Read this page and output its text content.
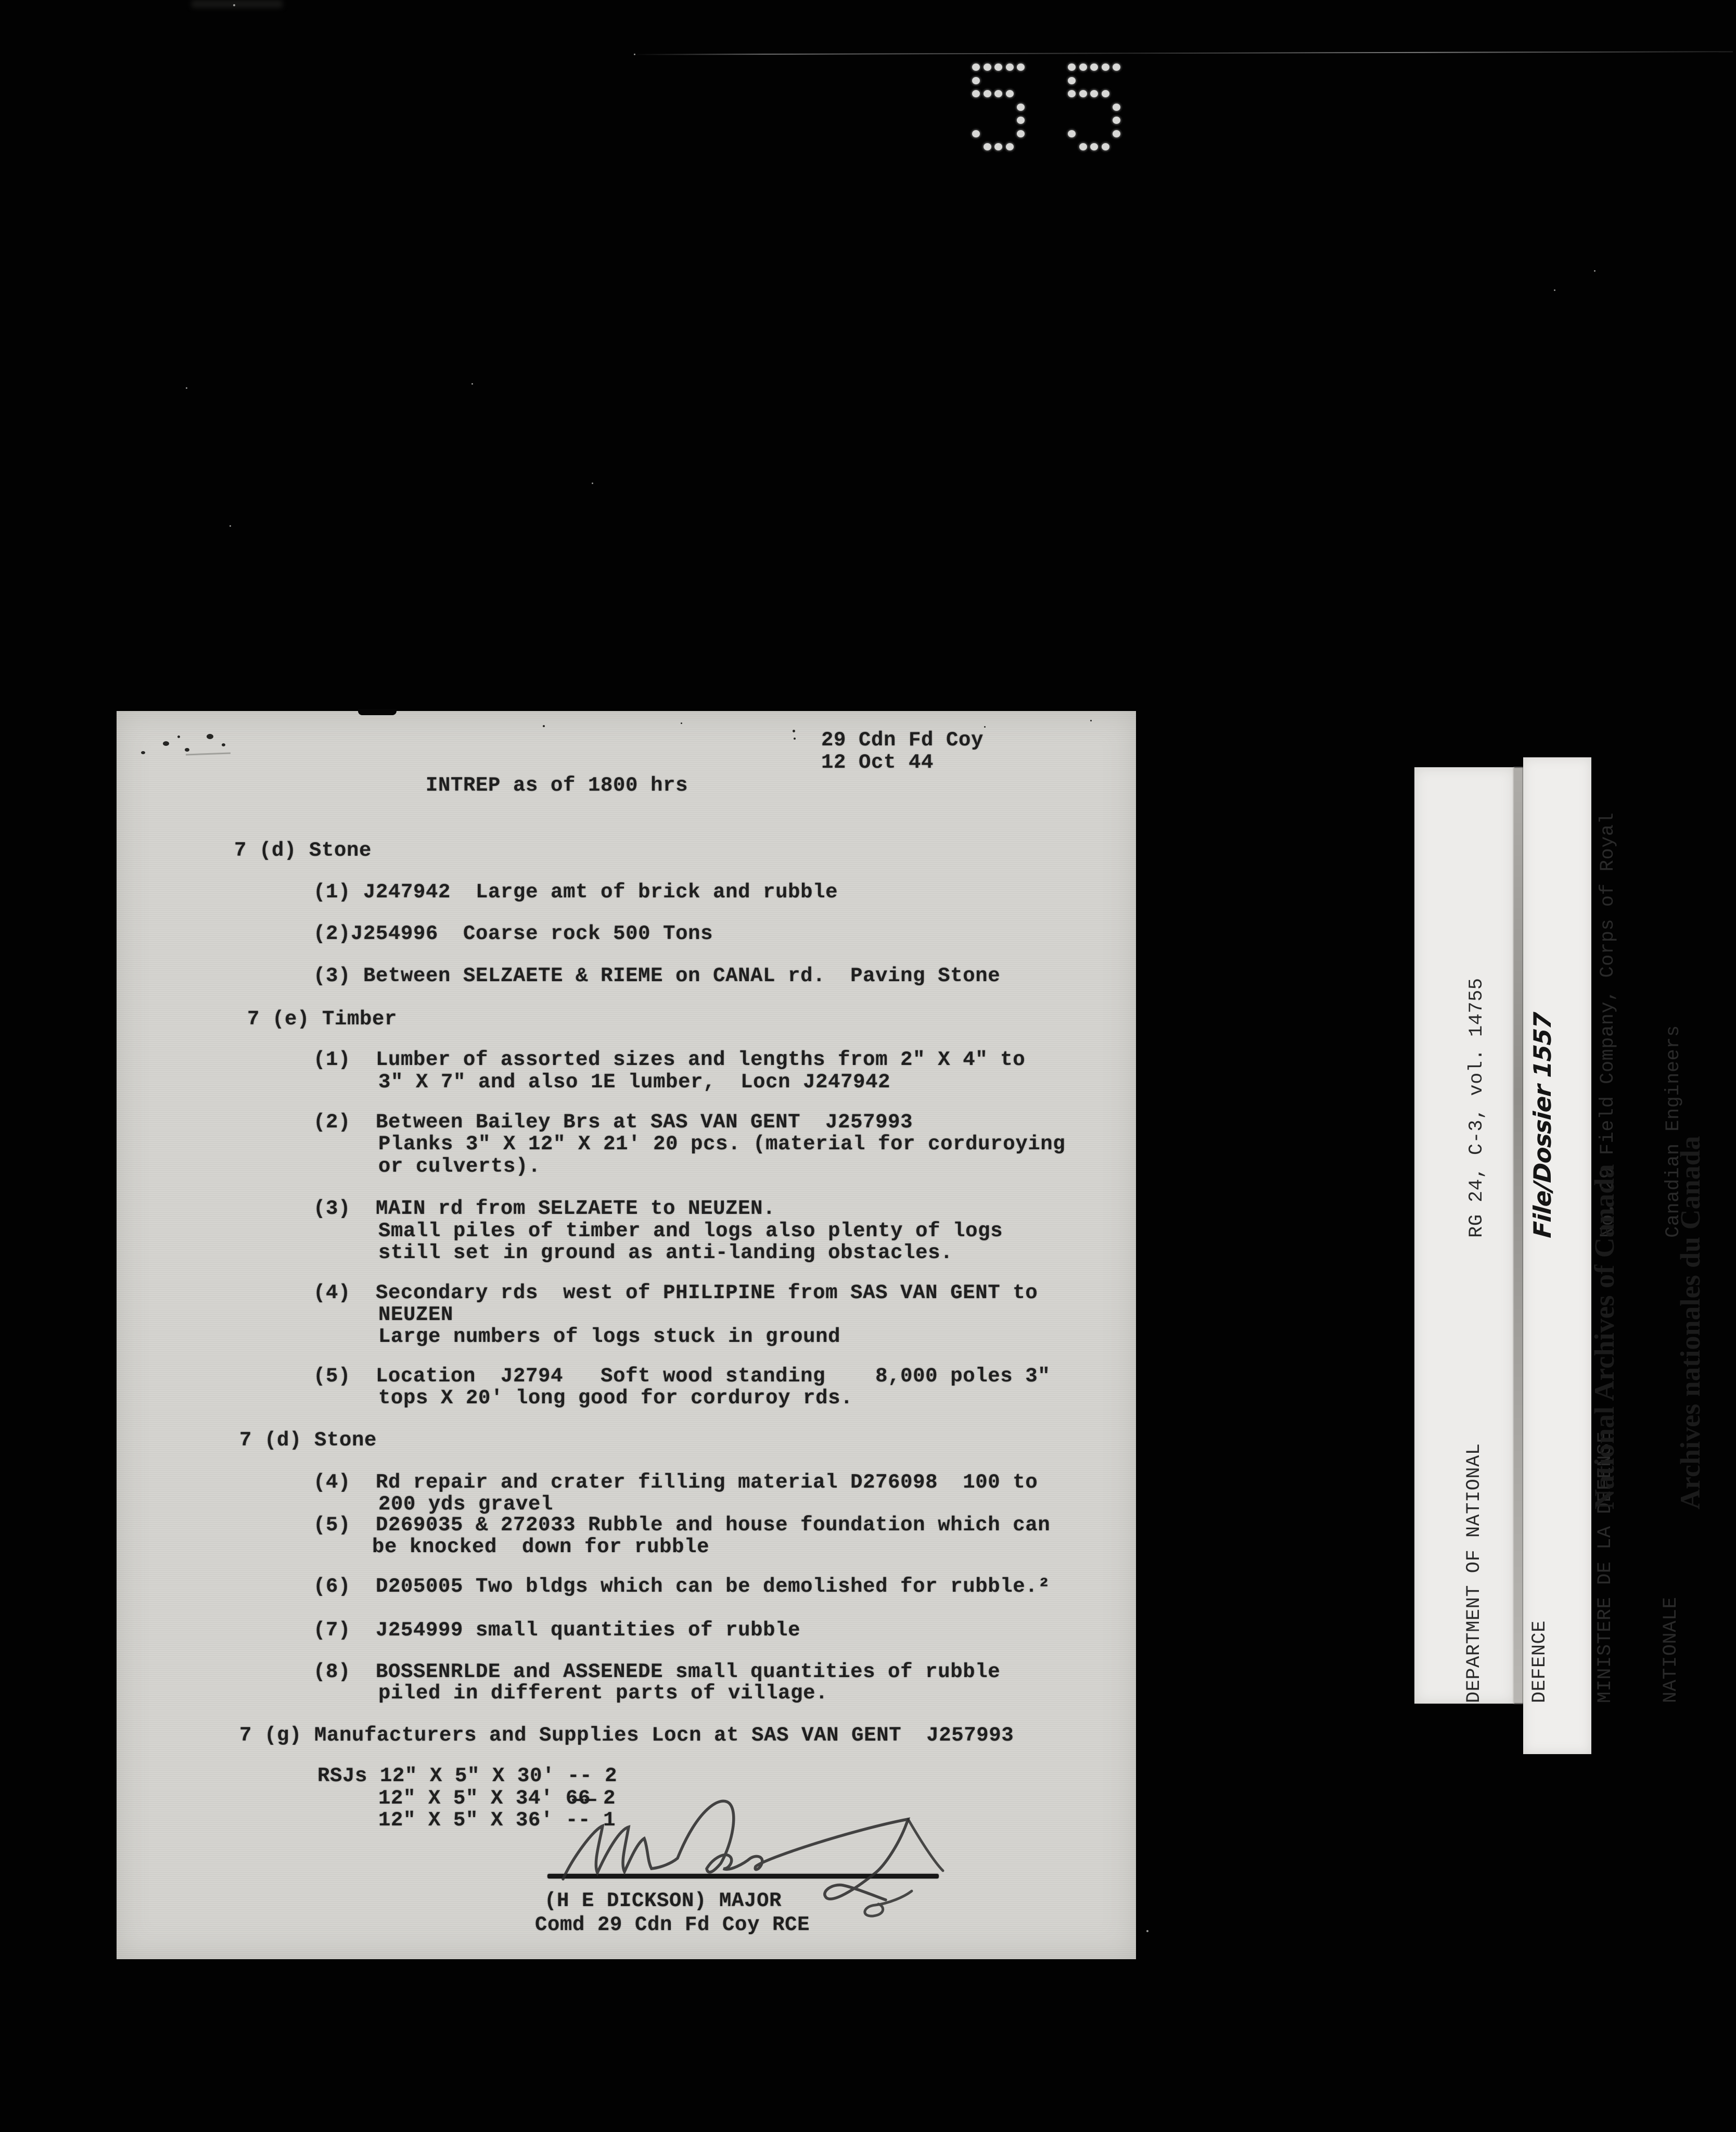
29 Cdn Fd Coy
12 Oct 44
INTREP as of 1800 hrs
7 (d) Stone
(1) J247942  Large amt of brick and rubble
(2)J254996  Coarse rock 500 Tons
(3) Between SELZAETE & RIEME on CANAL rd.  Paving Stone
7 (e) Timber
(1)  Lumber of assorted sizes and lengths from 2" X 4" to
3" X 7" and also 1E lumber,  Locn J247942
(2)  Between Bailey Brs at SAS VAN GENT  J257993
Planks 3" X 12" X 21' 20 pcs. (material for corduroying
or culverts).
(3)  MAIN rd from SELZAETE to NEUZEN.
Small piles of timber and logs also plenty of logs
still set in ground as anti-landing obstacles.
(4)  Secondary rds  west of PHILIPINE from SAS VAN GENT to
NEUZEN
Large numbers of logs stuck in ground
(5)  Location  J2794   Soft wood standing    8,000 poles 3"
tops X 20' long good for corduroy rds.
7 (d) Stone
(4)  Rd repair and crater filling material D276098  100 to
200 yds gravel
(5)  D269035 & 272033 Rubble and house foundation which can
be knocked  down for rubble
(6)  D205005 Two bldgs which can be demolished for rubble.²
(7)  J254999 small quantities of rubble
(8)  BOSSENRLDE and ASSENEDE small quantities of rubble
piled in different parts of village.
7 (g) Manufacturers and Supplies Locn at SAS VAN GENT  J257993
RSJs 12" X 5" X 30' -- 2
12" X 5" X 34' 6̶6̶ 2
12" X 5" X 36' -- 1
(H E DICKSON) MAJOR
Comd 29 Cdn Fd Coy RCE

RG 24, C-3, vol. 14755

File/Dossier 1557

No. 29 Field Company, Corps of Royal

Canadian Engineers

DEPARTMENT OF NATIONAL

DEFENCE

MINISTERE DE LA DEFENSE

NATIONALE

National Archives of Canada

Archives nationales du Canada
